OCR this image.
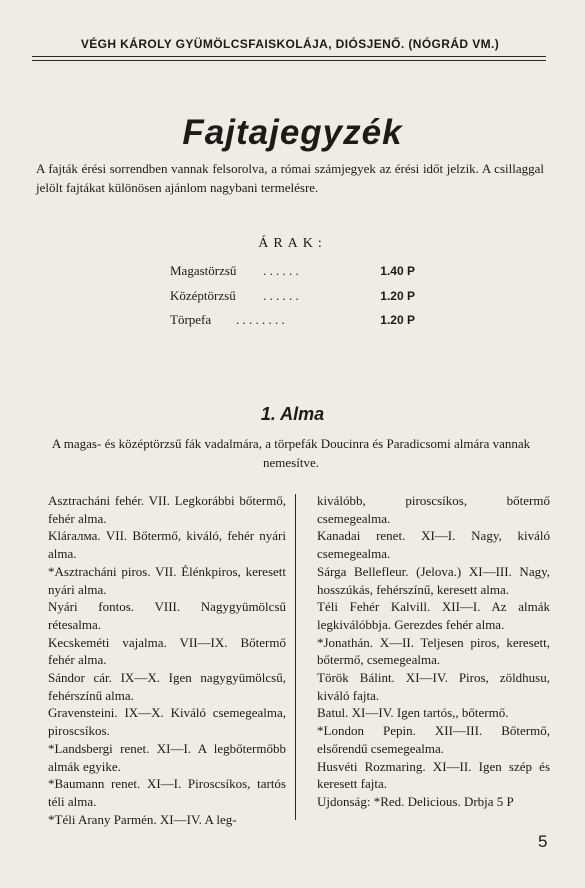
VÉGH KÁROLY GYÜMÖLCSFAISKOLÁJA, DIÓSJENŐ. (NÓGRÁD VM.)
Fajtajegyzék
A fajták érési sorrendben vannak felsorolva, a római számjegyek az érési időt jelzik. A csillaggal jelölt fajtákat különösen ajánlom nagybani termelésre.
ÁRAK:
Magastörzsű . . . . . .	1.40 P
Középtörzsű . . . . . .	1.20 P
Törpefa . . . . . . . .	1.20 P
1. Alma
A magas- és középtörzsű fák vadalmára, a törpefák Doucinra és Paradicsomi almára vannak nemesítve.

Asztracháni fehér. VII. Legkorábbi bőtermő, fehér alma.

Klárалма. VII. Bőtermő, kiváló, fehér nyári alma.

*Asztracháni piros. VII. Élénkpiros, keresett nyári alma.

Nyári fontos. VIII. Nagygyümölcsű rétesalma.

Kecskeméti vajalma. VII—IX. Bőtermő fehér alma.

Sándor cár. IX—X. Igen nagygyümölcsű, fehérszínű alma.

Gravensteini. IX—X. Kiváló csemegealma, piroscsíkos.

*Landsbergi renet. XI—I. A legbőtermőbb almák egyike.

*Baumann renet. XI—I. Piroscsíkos, tartós téli alma.

*Téli Arany Parmén. XI—IV. A leg-

kiválóbb, piroscsíkos, bőtermő csemegealma.

Kanadai renet. XI—I. Nagy, kiváló csemegealma.

Sárga Bellefleur. (Jelova.) XI—III. Nagy, hosszúkás, fehérszínű, keresett alma.

Téli Fehér Kalvill. XII—I. Az almák legkiválóbbja. Gerezdes fehér alma.

*Jonathán. X—II. Teljesen piros, keresett, bőtermő, csemegealma.

Török Bálint. XI—IV. Piros, zöldhusu, kiváló fajta.

Batul. XI—IV. Igen tartós,, bőtermő.

*London Pepin. XII—III. Bőtermő, elsőrendű csemegealma.

Husvéti Rozmaring. XI—II. Igen szép és keresett fajta.

Ujdonság: *Red. Delicious. Drbja 5 P

5
